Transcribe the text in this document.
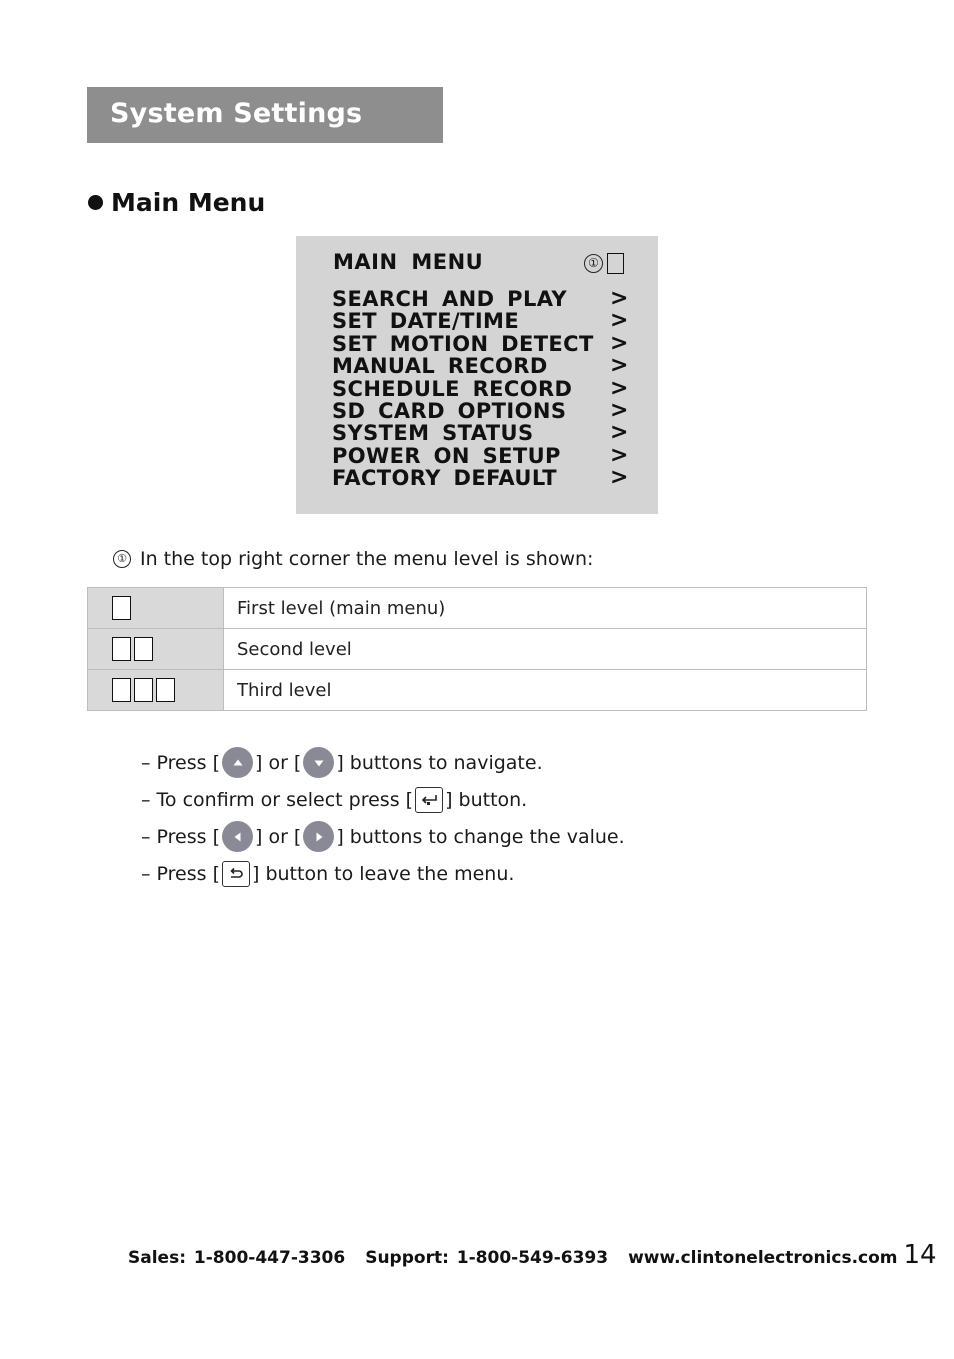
System Settings
Main Menu
MAIN MENU	①
SEARCH AND PLAY >
SET DATE/TIME	>
SET MOTION DETECT >
MANUAL RECORD	>
SCHEDULE RECORD >
SD CARD OPTIONS >
SYSTEM STATUS	>
POWER ON SETUP >
FACTORY DEFAULT >
① In the top right corner the menu level is shown:
	First level (main menu)
	Second level
	Third level
– Press [ ] or [ ] buttons to navigate.
– To confirm or select press [ ] button.
– Press [ ] or [ ] buttons to change the value.
– Press [ ] button to leave the menu.
Sales: 1-800-447-3306 Support: 1-800-549-6393 www.clintonelectronics.com 14
